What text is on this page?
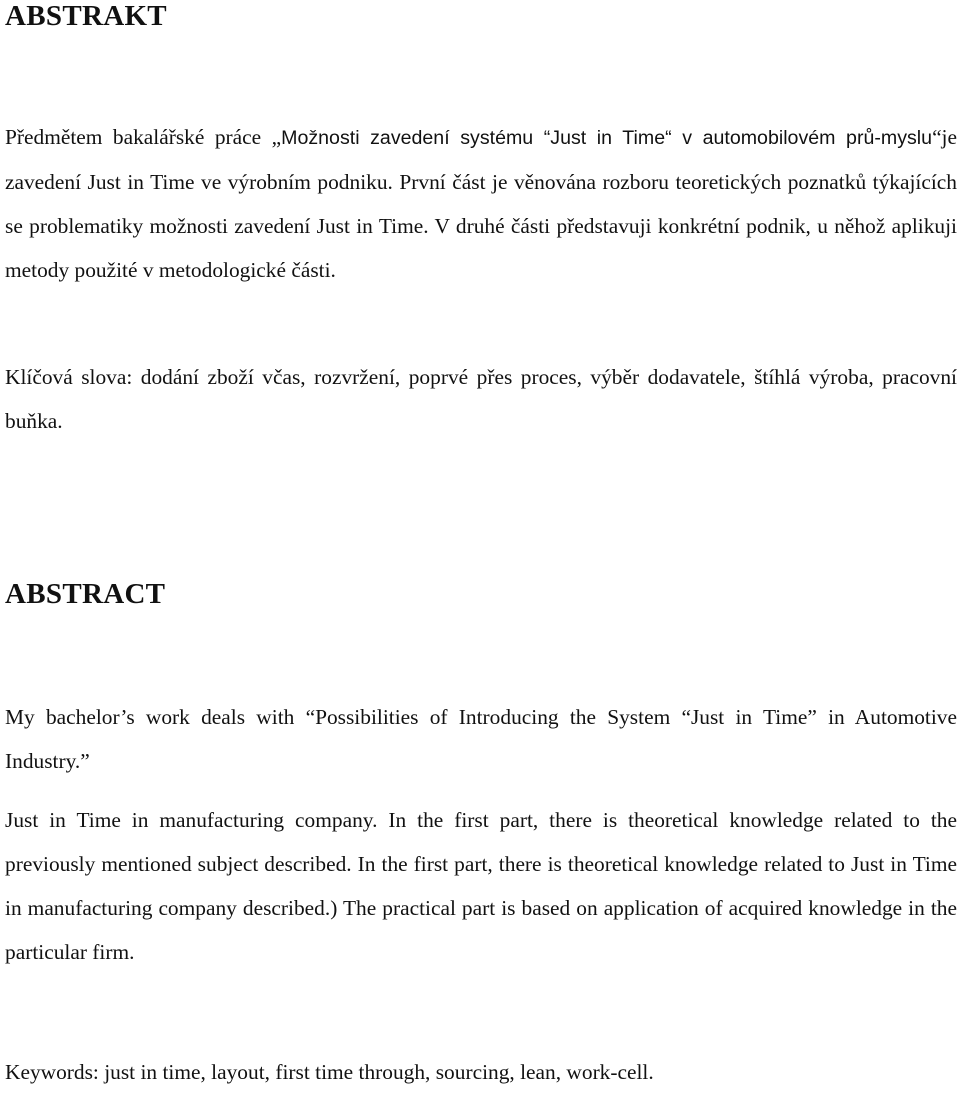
ABSTRAKT

Předmětem bakalářské práce „Možnosti zavedení systému “Just in Time“ v automobilovém prů-myslu“je zavedení Just in Time ve výrobním podniku. První část je věnována rozboru teoretických poznatků týkajících se problematiky možnosti zavedení Just in Time. V druhé části představuji konkrétní podnik, u něhož aplikuji metody použité v metodologické části.

Klíčová slova: dodání zboží včas, rozvržení, poprvé přes proces, výběr dodavatele, štíhlá výroba, pracovní buňka.

ABSTRACT

My bachelor’s work deals with “Possibilities of Introducing the System “Just in Time” in Automotive Industry.”

Just in Time in manufacturing company. In the first part, there is theoretical knowledge related to the previously mentioned subject described. In the first part, there is theoretical knowledge related to Just in Time in manufacturing company described.) The practical part is based on application of acquired knowledge in the particular firm.

Keywords: just in time, layout, first time through, sourcing, lean, work-cell.
